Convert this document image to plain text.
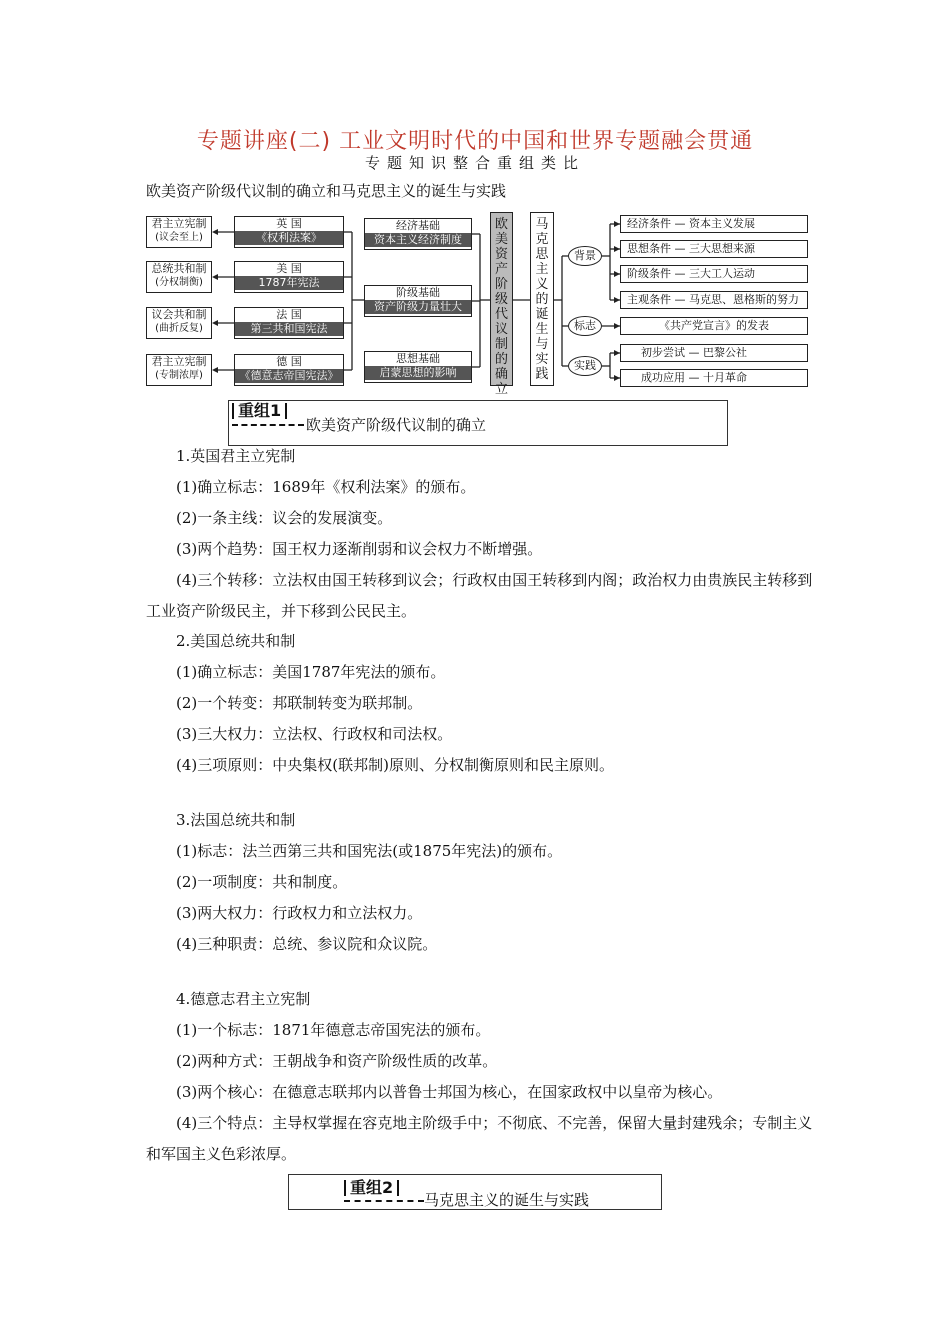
专题讲座(二) 工业文明时代的中国和世界专题融会贯通
专题知识整合重组类比
欧美资产阶级代议制的确立和马克思主义的诞生与实践
君主立宪制
(议会至上)
总统共和制
(分权制衡)
议会共和制
(曲折反复)
君主立宪制
(专制浓厚)
英 国
《权利法案》
美 国
1787年宪法
法 国
第三共和国宪法
德 国
《德意志帝国宪法》
经济基础
资本主义经济制度
阶级基础
资产阶级力量壮大
思想基础
启蒙思想的影响
欧美资产阶级代议制的确立
马克思主义的诞生与实践
背景
标志
实践
经济条件 — 资本主义发展
思想条件 — 三大思想来源
阶级条件 — 三大工人运动
主观条件 — 马克思、恩格斯的努力
《共产党宣言》的发表
初步尝试 — 巴黎公社
成功应用 — 十月革命
重组1
欧美资产阶级代议制的确立
1.英国君主立宪制
(1)确立标志：1689年《权利法案》的颁布。
(2)一条主线：议会的发展演变。
(3)两个趋势：国王权力逐渐削弱和议会权力不断增强。
(4)三个转移：立法权由国王转移到议会；行政权由国王转移到内阁；政治权力由贵族民主转移到工业资产阶级民主，并下移到公民民主。
2.美国总统共和制
(1)确立标志：美国1787年宪法的颁布。
(2)一个转变：邦联制转变为联邦制。
(3)三大权力：立法权、行政权和司法权。
(4)三项原则：中央集权(联邦制)原则、分权制衡原则和民主原则。
3.法国总统共和制
(1)标志：法兰西第三共和国宪法(或1875年宪法)的颁布。
(2)一项制度：共和制度。
(3)两大权力：行政权力和立法权力。
(4)三种职责：总统、参议院和众议院。
4.德意志君主立宪制
(1)一个标志：1871年德意志帝国宪法的颁布。
(2)两种方式：王朝战争和资产阶级性质的改革。
(3)两个核心：在德意志联邦内以普鲁士邦国为核心，在国家政权中以皇帝为核心。
(4)三个特点：主导权掌握在容克地主阶级手中；不彻底、不完善，保留大量封建残余；专制主义和军国主义色彩浓厚。
重组2
马克思主义的诞生与实践
